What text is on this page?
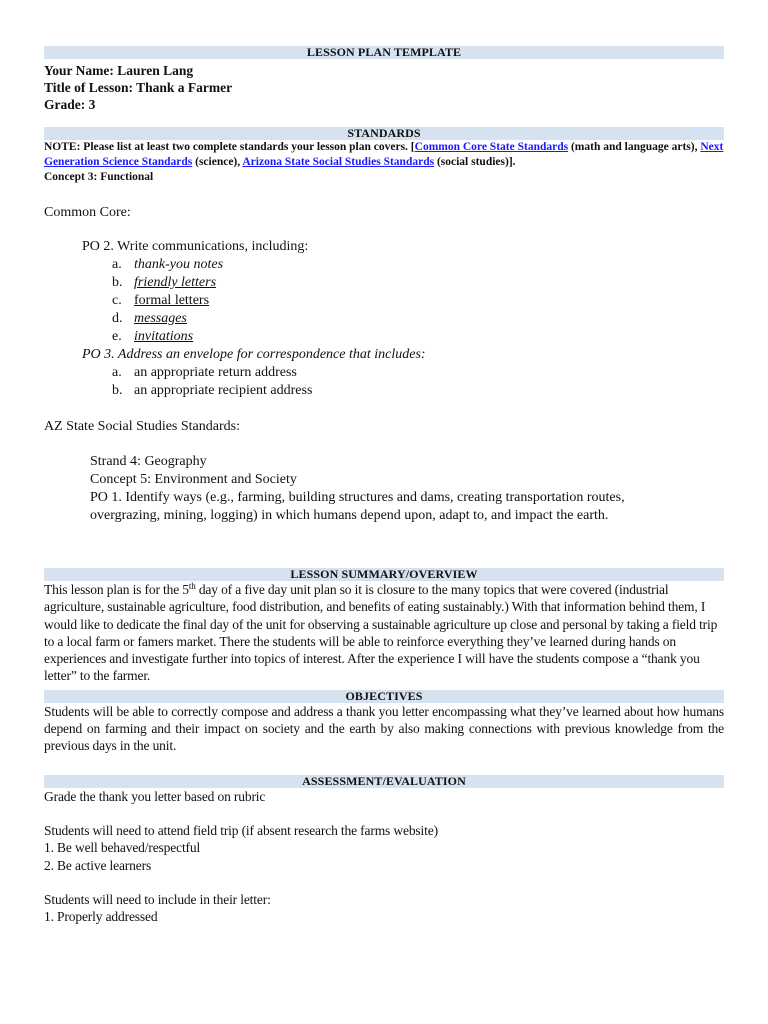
LESSON PLAN TEMPLATE
Your Name: Lauren Lang
Title of Lesson: Thank a Farmer
Grade: 3
STANDARDS
NOTE: Please list at least two complete standards your lesson plan covers. [Common Core State Standards (math and language arts), Next Generation Science Standards (science), Arizona State Social Studies Standards (social studies)].
Concept 3: Functional
Common Core:
PO 2. Write communications, including:
a. thank-you notes
b. friendly letters
c. formal letters
d. messages
e. invitations
PO 3. Address an envelope for correspondence that includes:
a. an appropriate return address
b. an appropriate recipient address
AZ State Social Studies Standards:
Strand 4: Geography
Concept 5: Environment and Society
PO 1. Identify ways (e.g., farming, building structures and dams, creating transportation routes, overgrazing, mining, logging) in which humans depend upon, adapt to, and impact the earth.
LESSON SUMMARY/OVERVIEW
This lesson plan is for the 5th day of a five day unit plan so it is closure to the many topics that were covered (industrial agriculture, sustainable agriculture, food distribution, and benefits of eating sustainably.) With that information behind them, I would like to dedicate the final day of the unit for observing a sustainable agriculture up close and personal by taking a field trip to a local farm or famers market. There the students will be able to reinforce everything they’ve learned during hands on experiences and investigate further into topics of interest. After the experience I will have the students compose a “thank you letter” to the farmer.
OBJECTIVES
Students will be able to correctly compose and address a thank you letter encompassing what they’ve learned about how humans depend on farming and their impact on society and the earth by also making connections with previous knowledge from the previous days in the unit.
ASSESSMENT/EVALUATION
Grade the thank you letter based on rubric
Students will need to attend field trip (if absent research the farms website)
1. Be well behaved/respectful
2. Be active learners
Students will need to include in their letter:
1. Properly addressed
